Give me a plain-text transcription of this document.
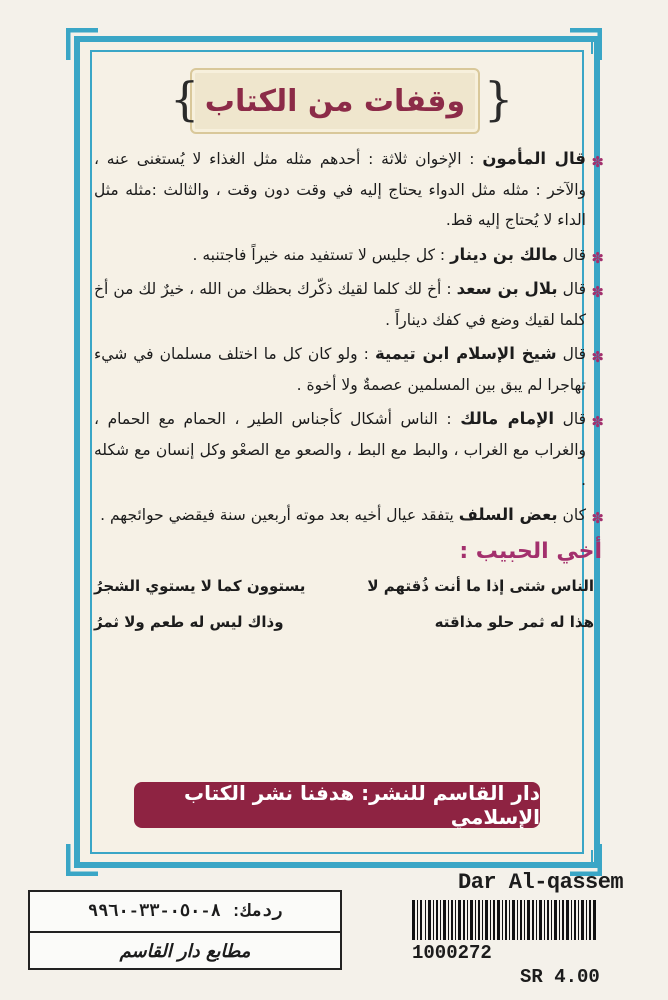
وقفات من الكتاب
{	}
✽
قال المأمون : الإخوان ثلاثة : أحدهم مثله مثل الغذاء لا يُستغنى عنه ، والآخر : مثله مثل الدواء يحتاج إليه في وقت دون وقت ، والثالث :مثله مثل الداء لا يُحتاج إليه قط.
✽
قال مالك بن دينار : كل جليس لا تستفيد منه خيراً فاجتنبه .
✽
قال بلال بن سعد : أخ لك كلما لقيك ذكّرك بحظك من الله ، خيرٌ لك من أخ كلما لقيك وضع في كفك ديناراً .
✽
قال شيخ الإسلام ابن تيمية : ولو كان كل ما اختلف مسلمان في شيء تهاجرا لم يبق بين المسلمين عصمةٌ ولا أخوة .
✽
قال الإمام مالك : الناس أشكال كأجناس الطير ، الحمام مع الحمام ، والغراب مع الغراب ، والبط مع البط ، والصعو مع الصعْو وكل إنسان مع شكله .
✽
كان بعض السلف يتفقد عيال أخيه بعد موته أربعين سنة فيقضي حوائجهم .
أخي الحبيب :
الناس شتى إذا ما أنت ذُقتهم لا
يستوون كما لا يستوي الشجرُ
هذا له ثمر حلو مذاقته
وذاك ليس له طعم ولا ثمرُ
دار القاسم للنشر: هدفنا نشر الكتاب الإسلامي
ردمك: ٨-٠٥٠-٣٣-٩٩٦٠
مطابع دار القاسم
Dar Al-qassem
1000272
SR 4.00
